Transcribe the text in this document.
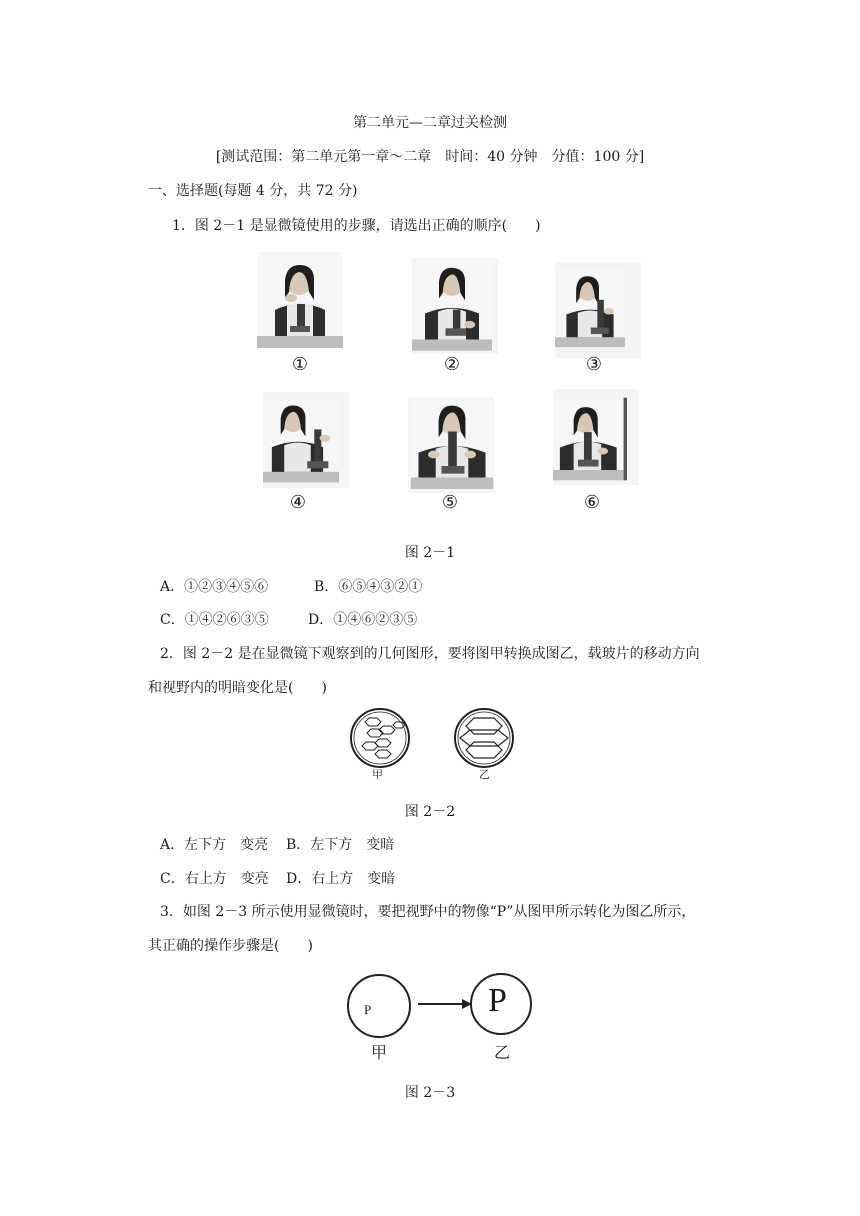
第二单元—二章过关检测
[测试范围：第二单元第一章～二章　时间：40 分钟　分值：100 分]
一、选择题(每题 4 分，共 72 分)
1．图 2－1 是显微镜使用的步骤，请选出正确的顺序(　　)
①	②	③
④	⑤	⑥
图 2－1
A．①②③④⑤⑥	B．⑥⑤④③②①
C．①④②⑥③⑤	D．①④⑥②③⑤
2．图 2－2 是在显微镜下观察到的几何图形，要将图甲转换成图乙，载玻片的移动方向
和视野内的明暗变化是(　　)
甲	乙
图 2－2
A．左下方　变亮 B．左下方　变暗
C．右上方　变亮 D．右上方　变暗
3．如图 2－3 所示使用显微镜时，要把视野中的物像“P”从图甲所示转化为图乙所示，
其正确的操作步骤是(　　)
P	P
甲	乙
图 2－3
